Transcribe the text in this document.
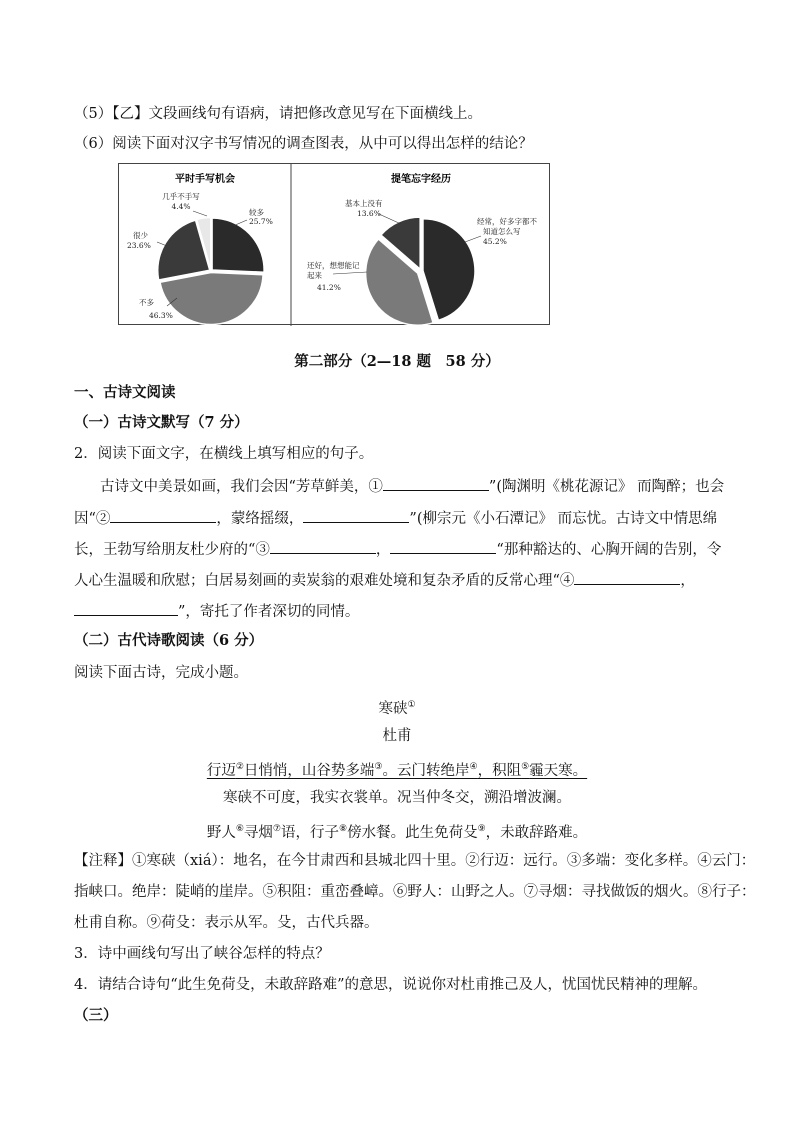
（5）【乙】文段画线句有语病，请把修改意见写在下面横线上。
（6）阅读下面对汉字书写情况的调查图表，从中可以得出怎样的结论？
平时手写机会	提笔忘字经历
几乎不手写
4.4%
较多
25.7%
很少
23.6%
不多
46.3%
基本上没有
13.6%
经常，好多字都不
知道怎么写
45.2%
还好，想想能记
起来
41.2%
第二部分（2—18 题　58 分）
一、古诗文阅读
（一）古诗文默写（7 分）
2．阅读下面文字，在横线上填写相应的句子。
古诗文中美景如画，我们会因“芳草鲜美，①	”(陶渊明《桃花源记》 而陶醉；也会
因“②	，蒙络摇缀，	”(柳宗元《小石潭记》 而忘忧。古诗文中情思绵
长，王勃写给朋友杜少府的“③	，	“那种豁达的、心胸开阔的告别，令
人心生温暖和欣慰；白居易刻画的卖炭翁的艰难处境和复杂矛盾的反常心理“④	，
”，寄托了作者深切的同情。
（二）古代诗歌阅读（6 分）
阅读下面古诗，完成小题。
寒硖①
杜甫
行迈②日悄悄，山谷势多端③。云门转绝岸④，积阻⑤霾天寒。
寒硖不可度，我实衣裳单。况当仲冬交，溯沿增波澜。
野人⑥寻烟⑦语，行子⑧傍水餐。此生免荷殳⑨，未敢辞路难。
【注释】①寒硖（xiá）：地名，在今甘肃西和县城北四十里。②行迈：远行。③多端：变化多样。④云门：
指峡口。绝岸：陡峭的崖岸。⑤积阻：重峦叠嶂。⑥野人：山野之人。⑦寻烟：寻找做饭的烟火。⑧行子：
杜甫自称。⑨荷殳：表示从军。殳，古代兵器。
3．诗中画线句写出了峡谷怎样的特点？
4．请结合诗句“此生免荷殳，未敢辞路难”的意思，说说你对杜甫推己及人，忧国忧民精神的理解。
（三）
